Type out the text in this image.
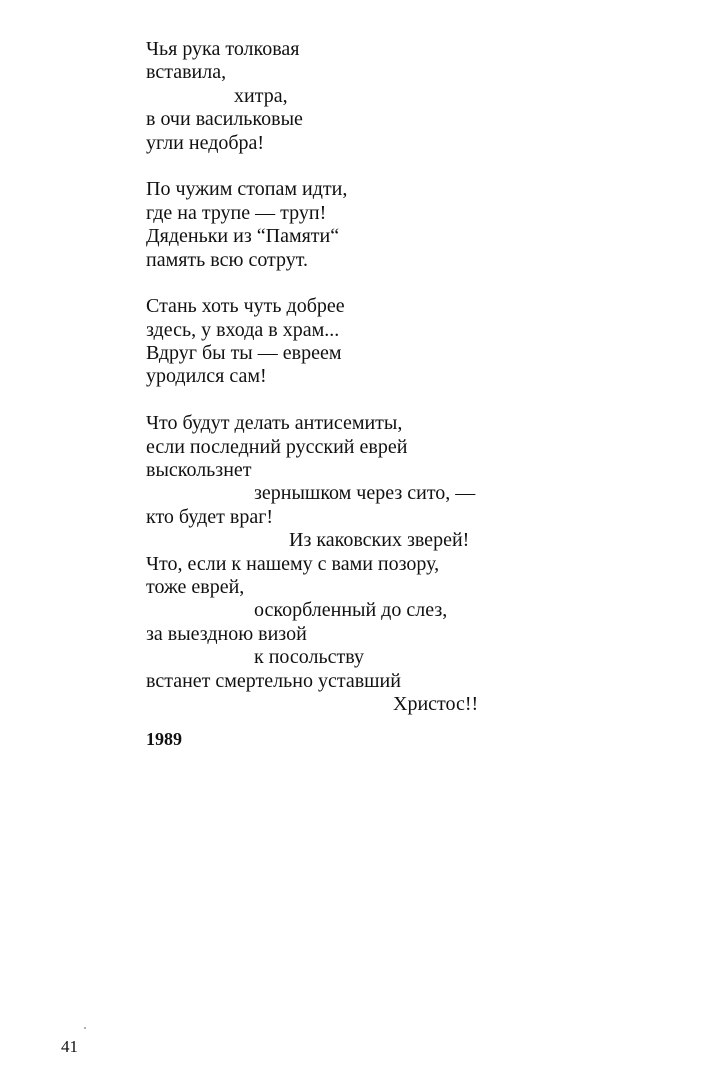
Чья рука толковая
вставила,
хитра,
в очи васильковые
угли недобра!
По чужим стопам идти,
где на трупе — труп!
Дяденьки из “Памяти“
память всю сотрут.
Стань хоть чуть добрее
здесь, у входа в храм...
Вдруг бы ты — евреем
уродился сам!
Что будут делать антисемиты,
если последний русский еврей
выскользнет
зернышком через сито, —
кто будет враг!
Из каковских зверей!
Что, если к нашему с вами позору,
тоже еврей,
оскорбленный до слез,
за выездною визой
к посольству
встанет смертельно уставший
Христос!!
1989
41
